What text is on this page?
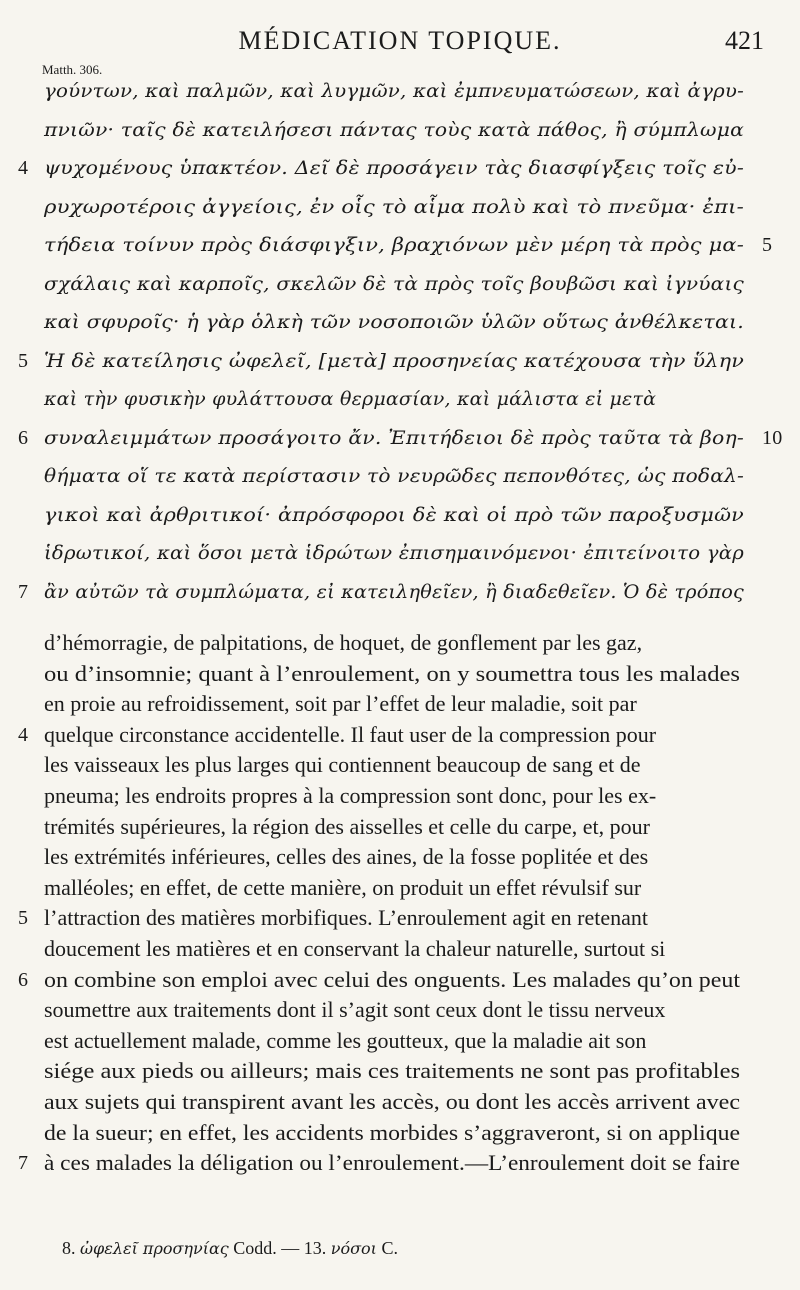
MÉDICATION TOPIQUE.	421
Matth. 306.
γούντων, καὶ παλμῶν, καὶ λυγμῶν, καὶ ἐμπνευματώσεων, καὶ ἀγρυ-
πνιῶν· ταῖς δὲ κατειλήσεσι πάντας τοὺς κατὰ πάθος, ἢ σύμπλωμα
4 ψυχομένους ὑπακτέον. Δεῖ δὲ προσάγειν τὰς διασφίγξεις τοῖς εὐ-
ρυχωροτέροις ἀγγείοις, ἐν οἷς τὸ αἷμα πολὺ καὶ τὸ πνεῦμα· ἐπι-
τήδεια τοίνυν πρὸς διάσφιγξιν, βραχιόνων μὲν μέρη τὰ πρὸς μα- 5
σχάλαις καὶ καρποῖς, σκελῶν δὲ τὰ πρὸς τοῖς βουβῶσι καὶ ἰγνύαις
καὶ σφυροῖς· ἡ γὰρ ὁλκὴ τῶν νοσοποιῶν ὑλῶν οὕτως ἀνθέλκεται.
5 Ἡ δὲ κατείλησις ὠφελεῖ, [μετὰ] προσηνείας κατέχουσα τὴν ὕλην
καὶ τὴν φυσικὴν φυλάττουσα θερμασίαν, καὶ μάλιστα εἰ μετὰ
6 συναλειμμάτων προσάγοιτο ἄν. Ἐπιτήδειοι δὲ πρὸς ταῦτα τὰ βοη- 10
θήματα οἵ τε κατὰ περίστασιν τὸ νευρῶδες πεπονθότες, ὡς ποδαλ-
γικοὶ καὶ ἀρθριτικοί· ἀπρόσφοροι δὲ καὶ οἱ πρὸ τῶν παροξυσμῶν
ἱδρωτικοί, καὶ ὅσοι μετὰ ἱδρώτων ἐπισημαινόμενοι· ἐπιτείνοιτο γὰρ
7 ἂν αὐτῶν τὰ συμπλώματα, εἰ κατειληθεῖεν, ἢ διαδεθεῖεν. Ὁ δὲ τρόπος
d’hémorragie, de palpitations, de hoquet, de gonflement par les gaz,
ou d’insomnie; quant à l’enroulement, on y soumettra tous les malades
en proie au refroidissement, soit par l’effet de leur maladie, soit par
4 quelque circonstance accidentelle. Il faut user de la compression pour
les vaisseaux les plus larges qui contiennent beaucoup de sang et de
pneuma; les endroits propres à la compression sont donc, pour les ex-
trémités supérieures, la région des aisselles et celle du carpe, et, pour
les extrémités inférieures, celles des aines, de la fosse poplitée et des
malléoles; en effet, de cette manière, on produit un effet révulsif sur
5 l’attraction des matières morbifiques. L’enroulement agit en retenant
doucement les matières et en conservant la chaleur naturelle, surtout si
6 on combine son emploi avec celui des onguents. Les malades qu’on peut
soumettre aux traitements dont il s’agit sont ceux dont le tissu nerveux
est actuellement malade, comme les goutteux, que la maladie ait son
siége aux pieds ou ailleurs; mais ces traitements ne sont pas profitables
aux sujets qui transpirent avant les accès, ou dont les accès arrivent avec
de la sueur; en effet, les accidents morbides s’aggraveront, si on applique
7 à ces malades la déligation ou l’enroulement.—L’enroulement doit se faire
8. ὠφελεῖ προσηνίας Codd. — 13. νόσοι C.
